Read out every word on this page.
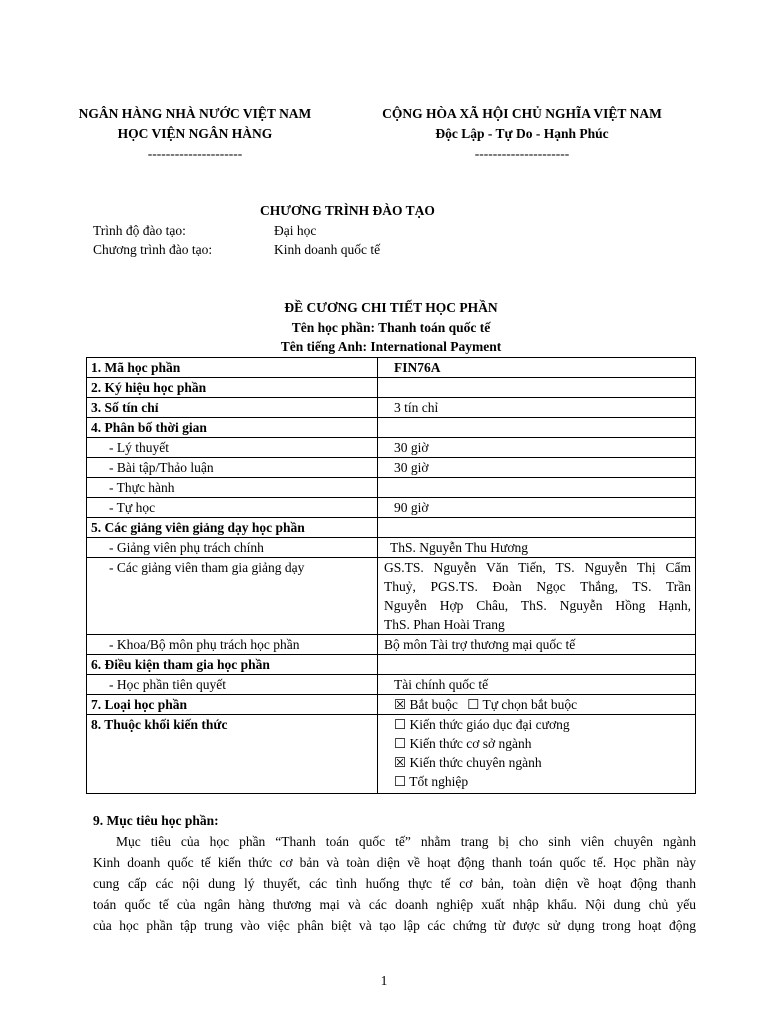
NGÂN HÀNG NHÀ NƯỚC VIỆT NAM
HỌC VIỆN NGÂN HÀNG
---------------------
CỘNG HÒA XÃ HỘI CHỦ NGHĨA VIỆT NAM
Độc Lập - Tự Do - Hạnh Phúc
---------------------
CHƯƠNG TRÌNH ĐÀO TẠO
Trình độ đào tạo:	Đại học
Chương trình đào tạo:	Kinh doanh quốc tế
ĐỀ CƯƠNG CHI TIẾT HỌC PHẦN
Tên học phần: Thanh toán quốc tế
Tên tiếng Anh: International Payment
1. Mã học phần	FIN76A
2. Ký hiệu học phần	
3. Số tín chỉ	3 tín chỉ
4. Phân bố thời gian	
- Lý thuyết	30 giờ
- Bài tập/Thảo luận	30 giờ
- Thực hành	
- Tự học	90 giờ
5. Các giảng viên giảng dạy học phần	
- Giảng viên phụ trách chính	ThS. Nguyễn Thu Hương
- Các giảng viên tham gia giảng dạy	GS.TS. Nguyễn Văn Tiến, TS. Nguyễn Thị Cẩm
Thuỷ, PGS.TS. Đoàn Ngọc Thắng, TS. Trần
Nguyễn Hợp Châu, ThS. Nguyễn Hồng Hạnh,
ThS. Phan Hoài Trang

- Khoa/Bộ môn phụ trách học phần	Bộ môn Tài trợ thương mại quốc tế
6. Điều kiện tham gia học phần	
- Học phần tiên quyết	Tài chính quốc tế
7. Loại học phần	☒ Bắt buộc ☐ Tự chọn bắt buộc
8. Thuộc khối kiến thức	☐ Kiến thức giáo dục đại cương
☐ Kiến thức cơ sở ngành
☒ Kiến thức chuyên ngành
☐ Tốt nghiệp
9. Mục tiêu học phần:
Mục tiêu của học phần “Thanh toán quốc tế” nhằm trang bị cho sinh viên chuyên ngành
Kinh doanh quốc tế kiến thức cơ bản và toàn diện về hoạt động thanh toán quốc tế. Học phần này
cung cấp các nội dung lý thuyết, các tình huống thực tế cơ bản, toàn diện về hoạt động thanh
toán quốc tế của ngân hàng thương mại và các doanh nghiệp xuất nhập khẩu. Nội dung chủ yếu
của học phần tập trung vào việc phân biệt và tạo lập các chứng từ được sử dụng trong hoạt động
1
